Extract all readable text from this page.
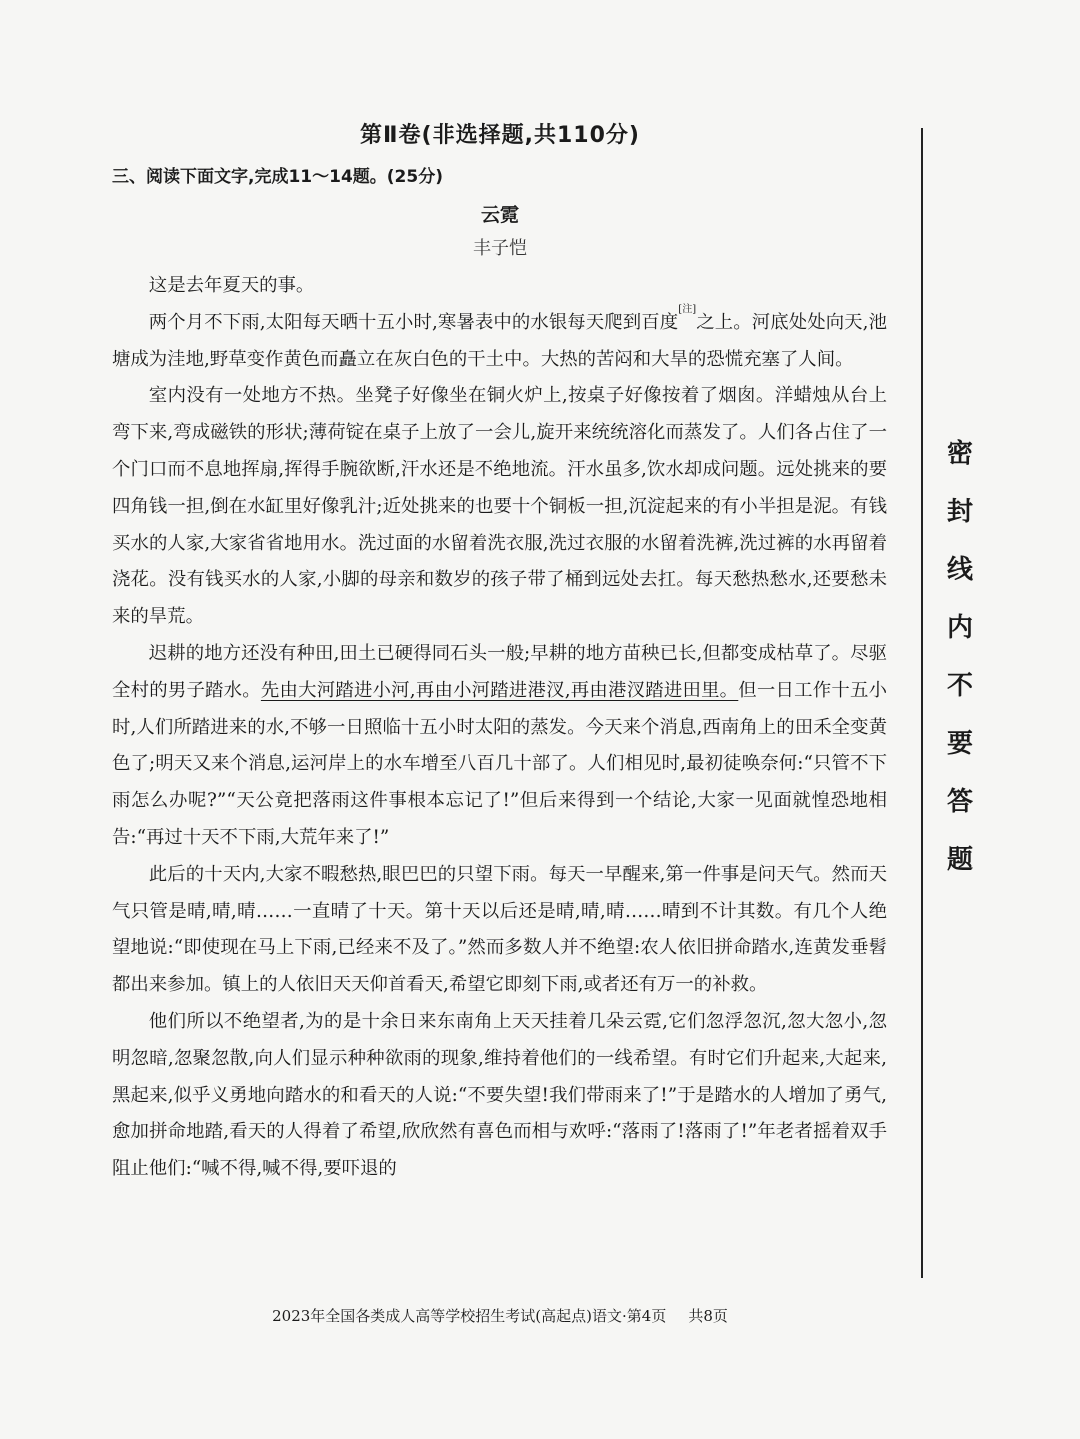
第Ⅱ卷(非选择题,共110分)
三、阅读下面文字,完成11～14题。(25分)
云霓
丰子恺

这是去年夏天的事。

两个月不下雨,太阳每天晒十五小时,寒暑表中的水银每天爬到百度[注]之上。河底处处向天,池塘成为洼地,野草变作黄色而矗立在灰白色的干土中。大热的苦闷和大旱的恐慌充塞了人间。

室内没有一处地方不热。坐凳子好像坐在铜火炉上,按桌子好像按着了烟囱。洋蜡烛从台上弯下来,弯成磁铁的形状;薄荷锭在桌子上放了一会儿,旋开来统统溶化而蒸发了。人们各占住了一个门口而不息地挥扇,挥得手腕欲断,汗水还是不绝地流。汗水虽多,饮水却成问题。远处挑来的要四角钱一担,倒在水缸里好像乳汁;近处挑来的也要十个铜板一担,沉淀起来的有小半担是泥。有钱买水的人家,大家省省地用水。洗过面的水留着洗衣服,洗过衣服的水留着洗裤,洗过裤的水再留着浇花。没有钱买水的人家,小脚的母亲和数岁的孩子带了桶到远处去扛。每天愁热愁水,还要愁未来的旱荒。

迟耕的地方还没有种田,田土已硬得同石头一般;早耕的地方苗秧已长,但都变成枯草了。尽驱全村的男子踏水。先由大河踏进小河,再由小河踏进港汊,再由港汊踏进田里。但一日工作十五小时,人们所踏进来的水,不够一日照临十五小时太阳的蒸发。今天来个消息,西南角上的田禾全变黄色了;明天又来个消息,运河岸上的水车增至八百几十部了。人们相见时,最初徒唤奈何:“只管不下雨怎么办呢?”“天公竟把落雨这件事根本忘记了!”但后来得到一个结论,大家一见面就惶恐地相告:“再过十天不下雨,大荒年来了!”

此后的十天内,大家不暇愁热,眼巴巴的只望下雨。每天一早醒来,第一件事是问天气。然而天气只管是晴,晴,晴……一直晴了十天。第十天以后还是晴,晴,晴……晴到不计其数。有几个人绝望地说:“即使现在马上下雨,已经来不及了。”然而多数人并不绝望:农人依旧拼命踏水,连黄发垂髫都出来参加。镇上的人依旧天天仰首看天,希望它即刻下雨,或者还有万一的补救。

他们所以不绝望者,为的是十余日来东南角上天天挂着几朵云霓,它们忽浮忽沉,忽大忽小,忽明忽暗,忽聚忽散,向人们显示种种欲雨的现象,维持着他们的一线希望。有时它们升起来,大起来,黑起来,似乎义勇地向踏水的和看天的人说:“不要失望!我们带雨来了!”于是踏水的人增加了勇气,愈加拼命地踏,看天的人得着了希望,欣欣然有喜色而相与欢呼:“落雨了!落雨了!”年老者摇着双手阻止他们:“喊不得,喊不得,要吓退的

2023年全国各类成人高等学校招生考试(高起点)语文·第4页 共8页
密
封
线
内
不
要
答
题
